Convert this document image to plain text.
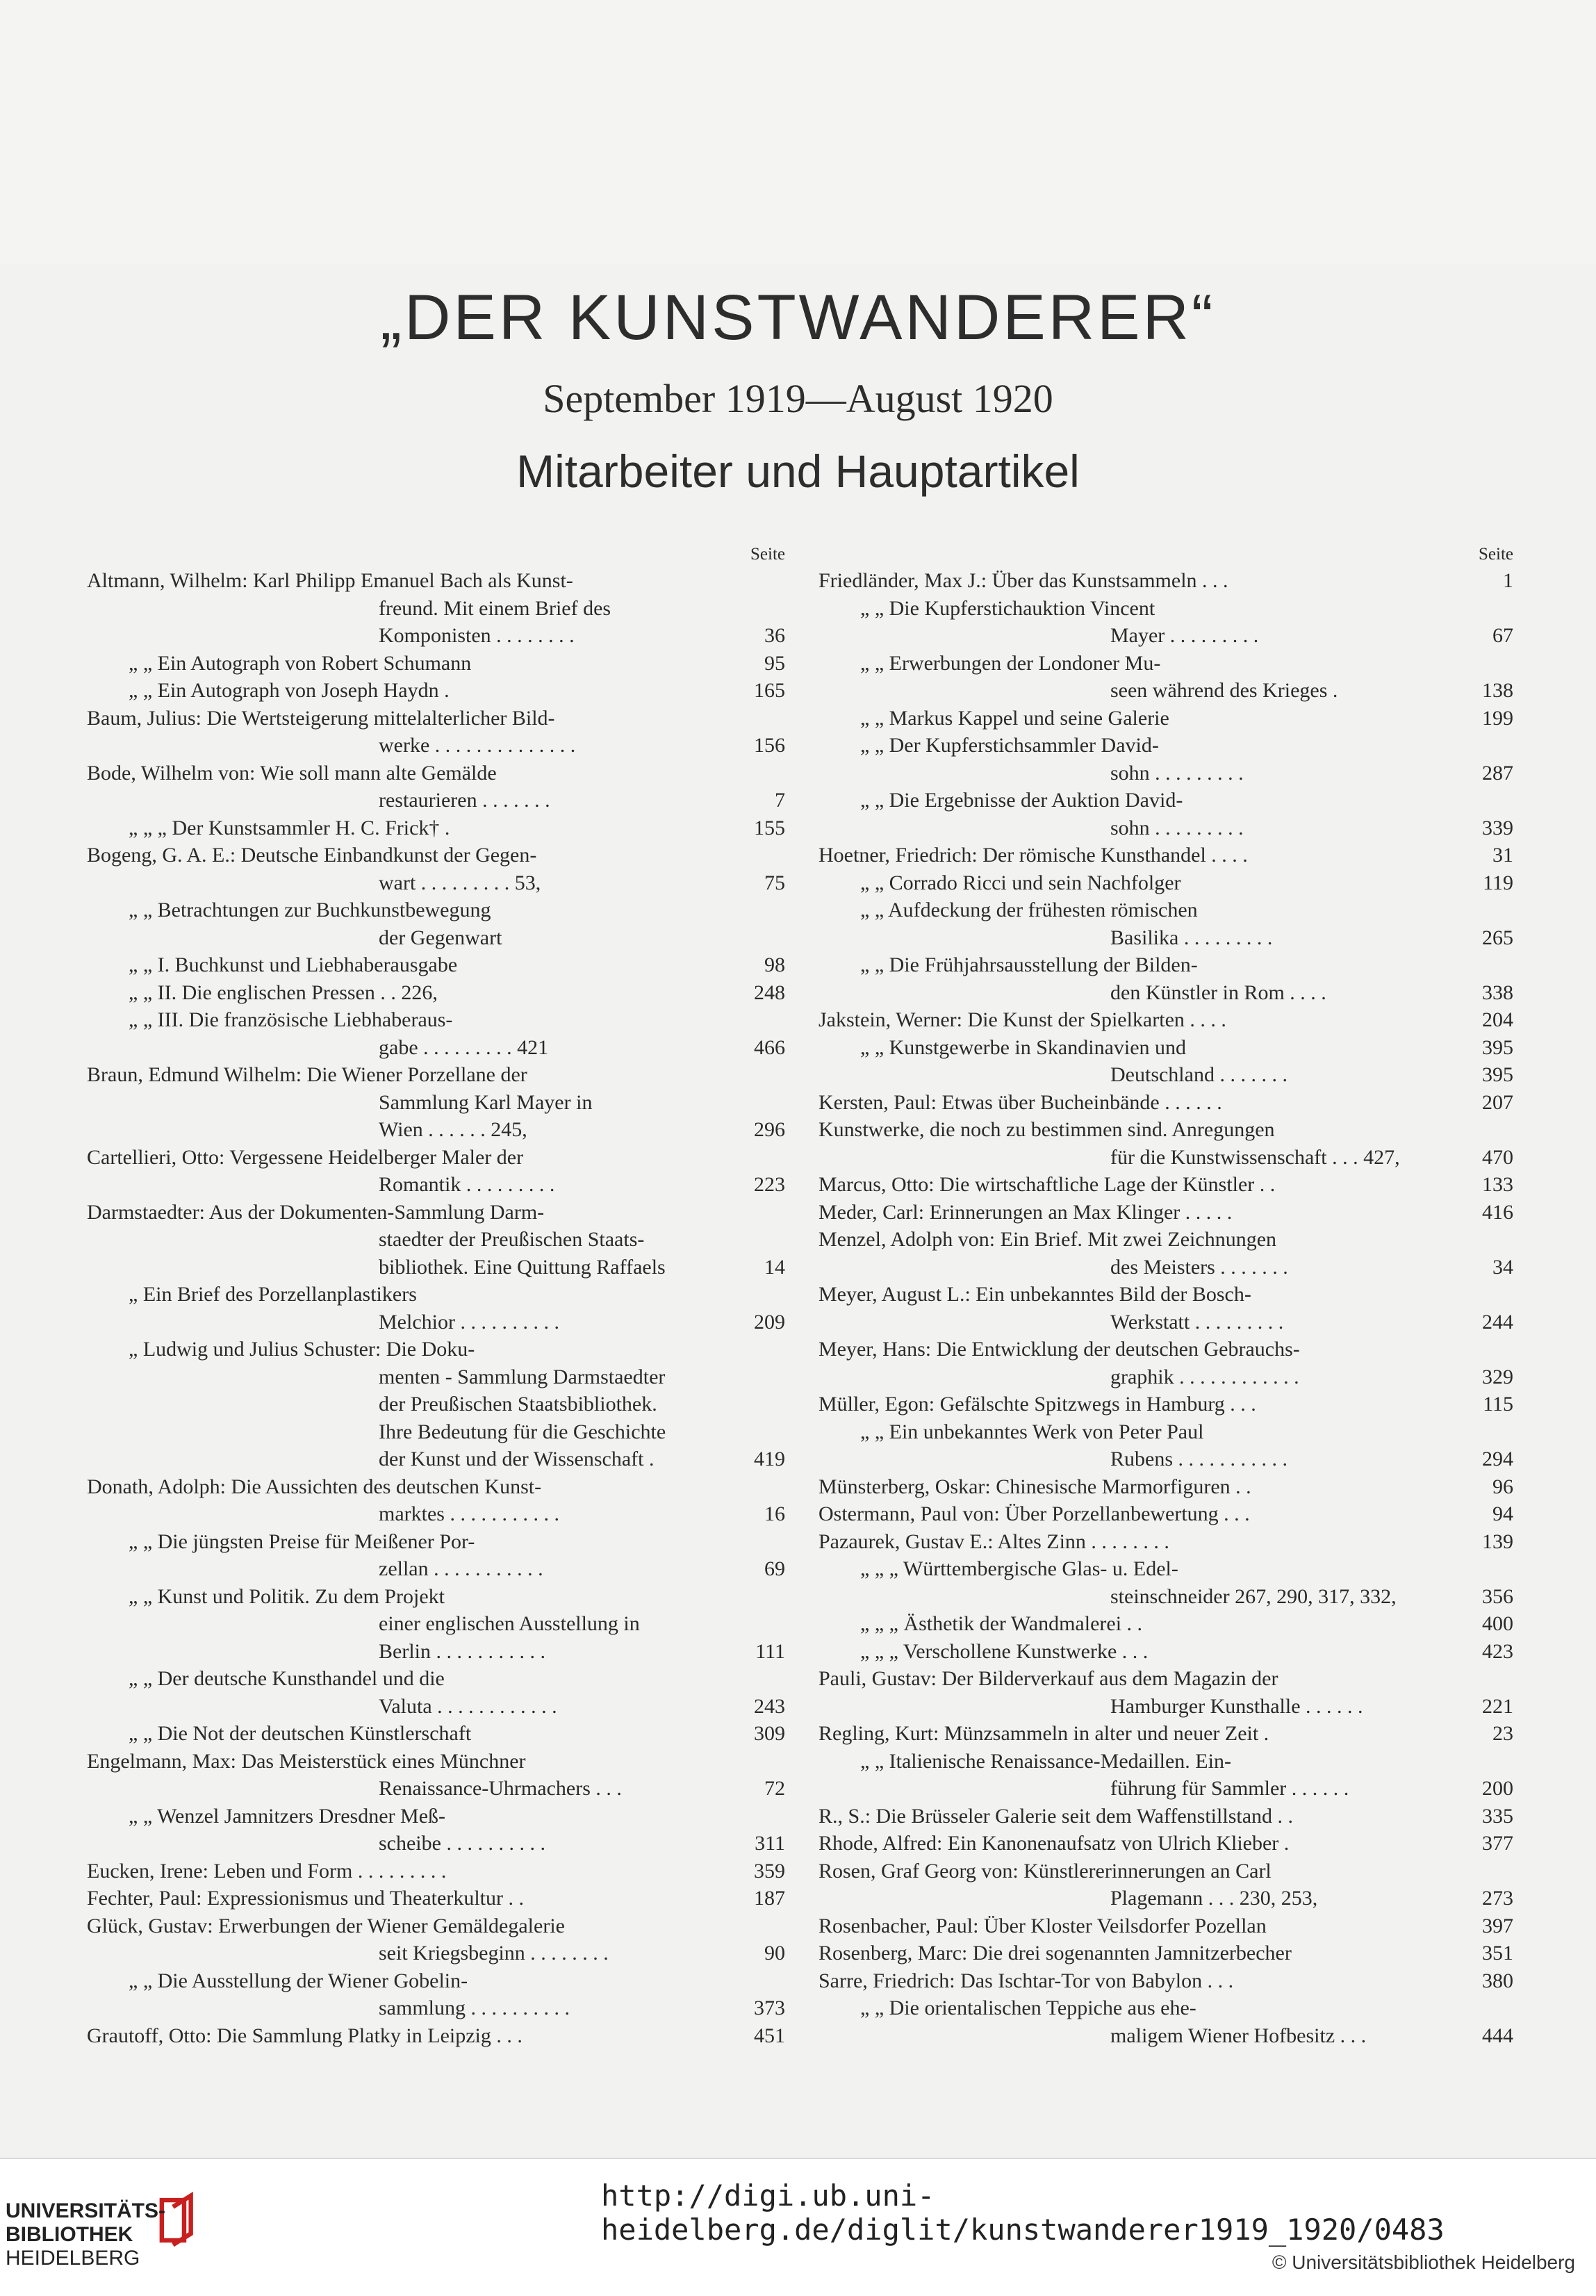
„DER KUNSTWANDERER“
September 1919—August 1920
Mitarbeiter und Hauptartikel
Seite
Altmann, Wilhelm: Karl Philipp Emanuel Bach als Kunst-
freund. Mit einem Brief des
Komponisten . . . . . . . .	36
„ „ Ein Autograph von Robert Schumann	95
„ „ Ein Autograph von Joseph Haydn .	165
Baum, Julius: Die Wertsteigerung mittelalterlicher Bild-
werke . . . . . . . . . . . . . .	156
Bode, Wilhelm von: Wie soll mann alte Gemälde
restaurieren . . . . . . .	7
„ „ „ Der Kunstsammler H. C. Frick† .	155
Bogeng, G. A. E.: Deutsche Einbandkunst der Gegen-
wart . . . . . . . . . 53,	75
„ „ Betrachtungen zur Buchkunstbewegung
der Gegenwart
„ „ I. Buchkunst und Liebhaberausgabe	98
„ „ II. Die englischen Pressen . . 226,	248
„ „ III. Die französische Liebhaberaus-
gabe . . . . . . . . . 421	466
Braun, Edmund Wilhelm: Die Wiener Porzellane der
Sammlung Karl Mayer in
Wien . . . . . . 245,	296
Cartellieri, Otto: Vergessene Heidelberger Maler der
Romantik . . . . . . . . .	223
Darmstaedter: Aus der Dokumenten-Sammlung Darm-
staedter der Preußischen Staats-
bibliothek. Eine Quittung Raffaels	14
„ Ein Brief des Porzellanplastikers
Melchior . . . . . . . . . .	209
„ Ludwig und Julius Schuster: Die Doku-
menten - Sammlung Darmstaedter
der Preußischen Staatsbibliothek.
Ihre Bedeutung für die Geschichte
der Kunst und der Wissenschaft .	419
Donath, Adolph: Die Aussichten des deutschen Kunst-
marktes . . . . . . . . . . .	16
„ „ Die jüngsten Preise für Meißener Por-
zellan . . . . . . . . . . .	69
„ „ Kunst und Politik. Zu dem Projekt
einer englischen Ausstellung in
Berlin . . . . . . . . . . .	111
„ „ Der deutsche Kunsthandel und die
Valuta . . . . . . . . . . . .	243
„ „ Die Not der deutschen Künstlerschaft	309
Engelmann, Max: Das Meisterstück eines Münchner
Renaissance-Uhrmachers . . .	72
„ „ Wenzel Jamnitzers Dresdner Meß-
scheibe . . . . . . . . . .	311
Eucken, Irene: Leben und Form . . . . . . . . .	359
Fechter, Paul: Expressionismus und Theaterkultur . .	187
Glück, Gustav: Erwerbungen der Wiener Gemäldegalerie
seit Kriegsbeginn . . . . . . . .	90
„ „ Die Ausstellung der Wiener Gobelin-
sammlung . . . . . . . . . .	373
Grautoff, Otto: Die Sammlung Platky in Leipzig . . .	451
Seite
Friedländer, Max J.: Über das Kunstsammeln . . .	1
„ „ Die Kupferstichauktion Vincent
Mayer . . . . . . . . .	67
„ „ Erwerbungen der Londoner Mu-
seen während des Krieges .	138
„ „ Markus Kappel und seine Galerie	199
„ „ Der Kupferstichsammler David-
sohn . . . . . . . . .	287
„ „ Die Ergebnisse der Auktion David-
sohn . . . . . . . . .	339
Hoetner, Friedrich: Der römische Kunsthandel . . . .	31
„ „ Corrado Ricci und sein Nachfolger	119
„ „ Aufdeckung der frühesten römischen
Basilika . . . . . . . . .	265
„ „ Die Frühjahrsausstellung der Bilden-
den Künstler in Rom . . . .	338
Jakstein, Werner: Die Kunst der Spielkarten . . . .	204
„ „ Kunstgewerbe in Skandinavien und	395
Deutschland . . . . . . .	395
Kersten, Paul: Etwas über Bucheinbände . . . . . .	207
Kunstwerke, die noch zu bestimmen sind. Anregungen
für die Kunstwissenschaft . . . 427,	470
Marcus, Otto: Die wirtschaftliche Lage der Künstler . .	133
Meder, Carl: Erinnerungen an Max Klinger . . . . .	416
Menzel, Adolph von: Ein Brief. Mit zwei Zeichnungen
des Meisters . . . . . . .	34
Meyer, August L.: Ein unbekanntes Bild der Bosch-
Werkstatt . . . . . . . . .	244
Meyer, Hans: Die Entwicklung der deutschen Gebrauchs-
graphik . . . . . . . . . . . .	329
Müller, Egon: Gefälschte Spitzwegs in Hamburg . . .	115
„ „ Ein unbekanntes Werk von Peter Paul
Rubens . . . . . . . . . . .	294
Münsterberg, Oskar: Chinesische Marmorfiguren . .	96
Ostermann, Paul von: Über Porzellanbewertung . . .	94
Pazaurek, Gustav E.: Altes Zinn . . . . . . . .	139
„ „ „ Württembergische Glas- u. Edel-
steinschneider 267, 290, 317, 332,	356
„ „ „ Ästhetik der Wandmalerei . .	400
„ „ „ Verschollene Kunstwerke . . .	423
Pauli, Gustav: Der Bilderverkauf aus dem Magazin der
Hamburger Kunsthalle . . . . . .	221
Regling, Kurt: Münzsammeln in alter und neuer Zeit .	23
„ „ Italienische Renaissance-Medaillen. Ein-
führung für Sammler . . . . . .	200
R., S.: Die Brüsseler Galerie seit dem Waffenstillstand . .	335
Rhode, Alfred: Ein Kanonenaufsatz von Ulrich Klieber .	377
Rosen, Graf Georg von: Künstlererinnerungen an Carl
Plagemann . . . 230, 253,	273
Rosenbacher, Paul: Über Kloster Veilsdorfer Pozellan	397
Rosenberg, Marc: Die drei sogenannten Jamnitzerbecher	351
Sarre, Friedrich: Das Ischtar-Tor von Babylon . . .	380
„ „ Die orientalischen Teppiche aus ehe-
maligem Wiener Hofbesitz . . .	444
UNIVERSITÄTS-
BIBLIOTHEK
HEIDELBERG
http://digi.ub.uni-heidelberg.de/diglit/kunstwanderer1919_1920/0483
© Universitätsbibliothek Heidelberg
